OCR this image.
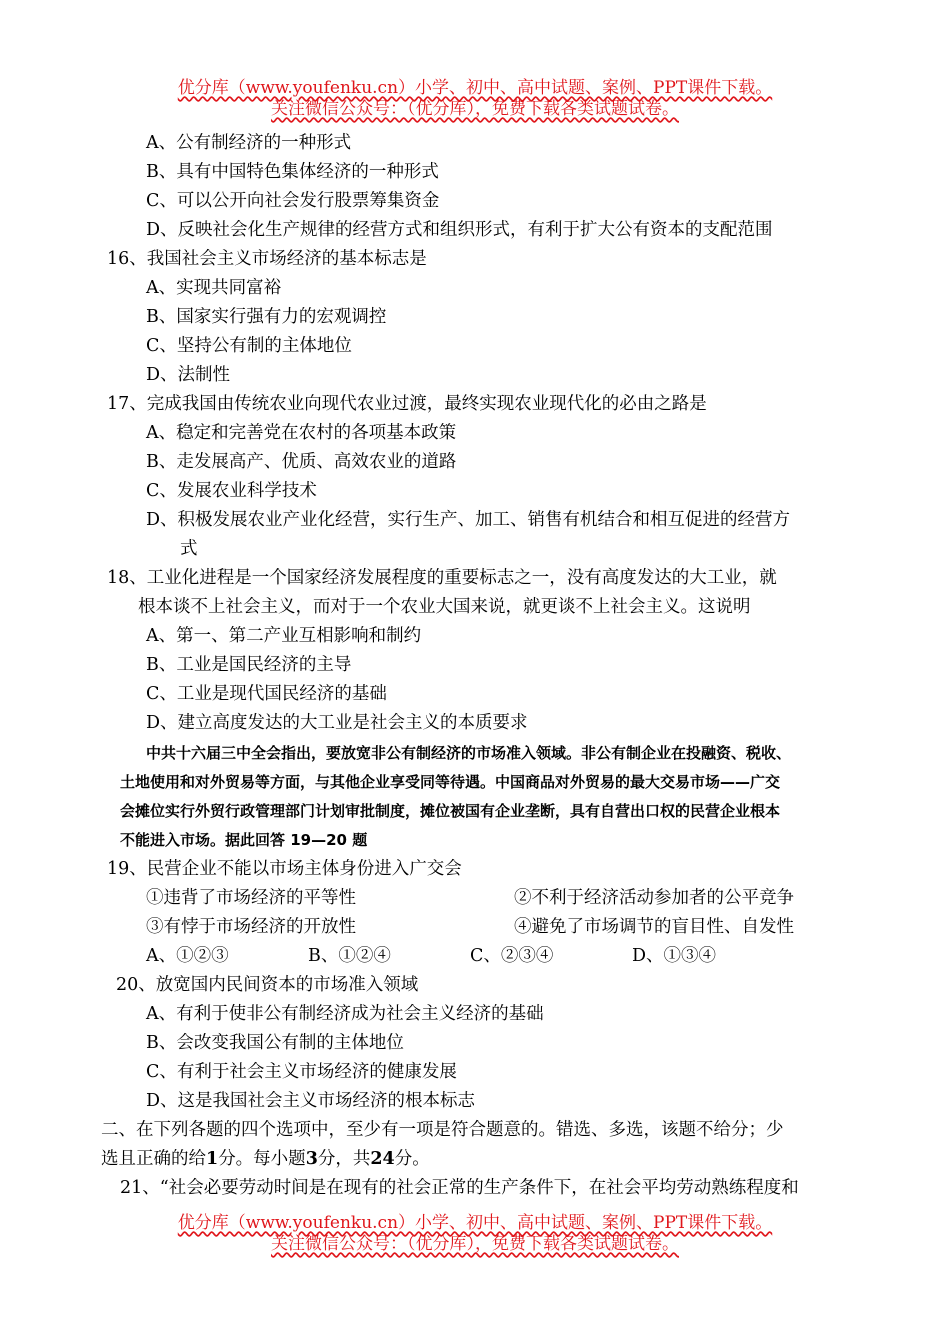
优分库（www.youfenku.cn）小学、初中、高中试题、案例、PPT课件下载。
关注微信公众号：（优分库），免费下载各类试题试卷。
A、公有制经济的一种形式
B、具有中国特色集体经济的一种形式
C、可以公开向社会发行股票筹集资金
D、反映社会化生产规律的经营方式和组织形式，有利于扩大公有资本的支配范围
16、我国社会主义市场经济的基本标志是
A、实现共同富裕
B、国家实行强有力的宏观调控
C、坚持公有制的主体地位
D、法制性
17、完成我国由传统农业向现代农业过渡，最终实现农业现代化的必由之路是
A、稳定和完善党在农村的各项基本政策
B、走发展高产、优质、高效农业的道路
C、发展农业科学技术
D、积极发展农业产业化经营，实行生产、加工、销售有机结合和相互促进的经营方
式
18、工业化进程是一个国家经济发展程度的重要标志之一，没有高度发达的大工业，就
根本谈不上社会主义，而对于一个农业大国来说，就更谈不上社会主义。这说明
A、第一、第二产业互相影响和制约
B、工业是国民经济的主导
C、工业是现代国民经济的基础
D、建立高度发达的大工业是社会主义的本质要求
中共十六届三中全会指出，要放宽非公有制经济的市场准入领域。非公有制企业在投融资、税收、
土地使用和对外贸易等方面，与其他企业享受同等待遇。中国商品对外贸易的最大交易市场——广交
会摊位实行外贸行政管理部门计划审批制度，摊位被国有企业垄断，具有自营出口权的民营企业根本
不能进入市场。据此回答 19—20 题
19、民营企业不能以市场主体身份进入广交会
①违背了市场经济的平等性	②不利于经济活动参加者的公平竞争
③有悖于市场经济的开放性	④避免了市场调节的盲目性、自发性
A、①②③	B、①②④	C、②③④	D、①③④
20、放宽国内民间资本的市场准入领域
A、有利于使非公有制经济成为社会主义经济的基础
B、会改变我国公有制的主体地位
C、有利于社会主义市场经济的健康发展
D、这是我国社会主义市场经济的根本标志
二、在下列各题的四个选项中，至少有一项是符合题意的。错选、多选，该题不给分；少
选且正确的给1分。每小题3分，共24分。
21、“社会必要劳动时间是在现有的社会正常的生产条件下，在社会平均劳动熟练程度和
优分库（www.youfenku.cn）小学、初中、高中试题、案例、PPT课件下载。
关注微信公众号：（优分库），免费下载各类试题试卷。
